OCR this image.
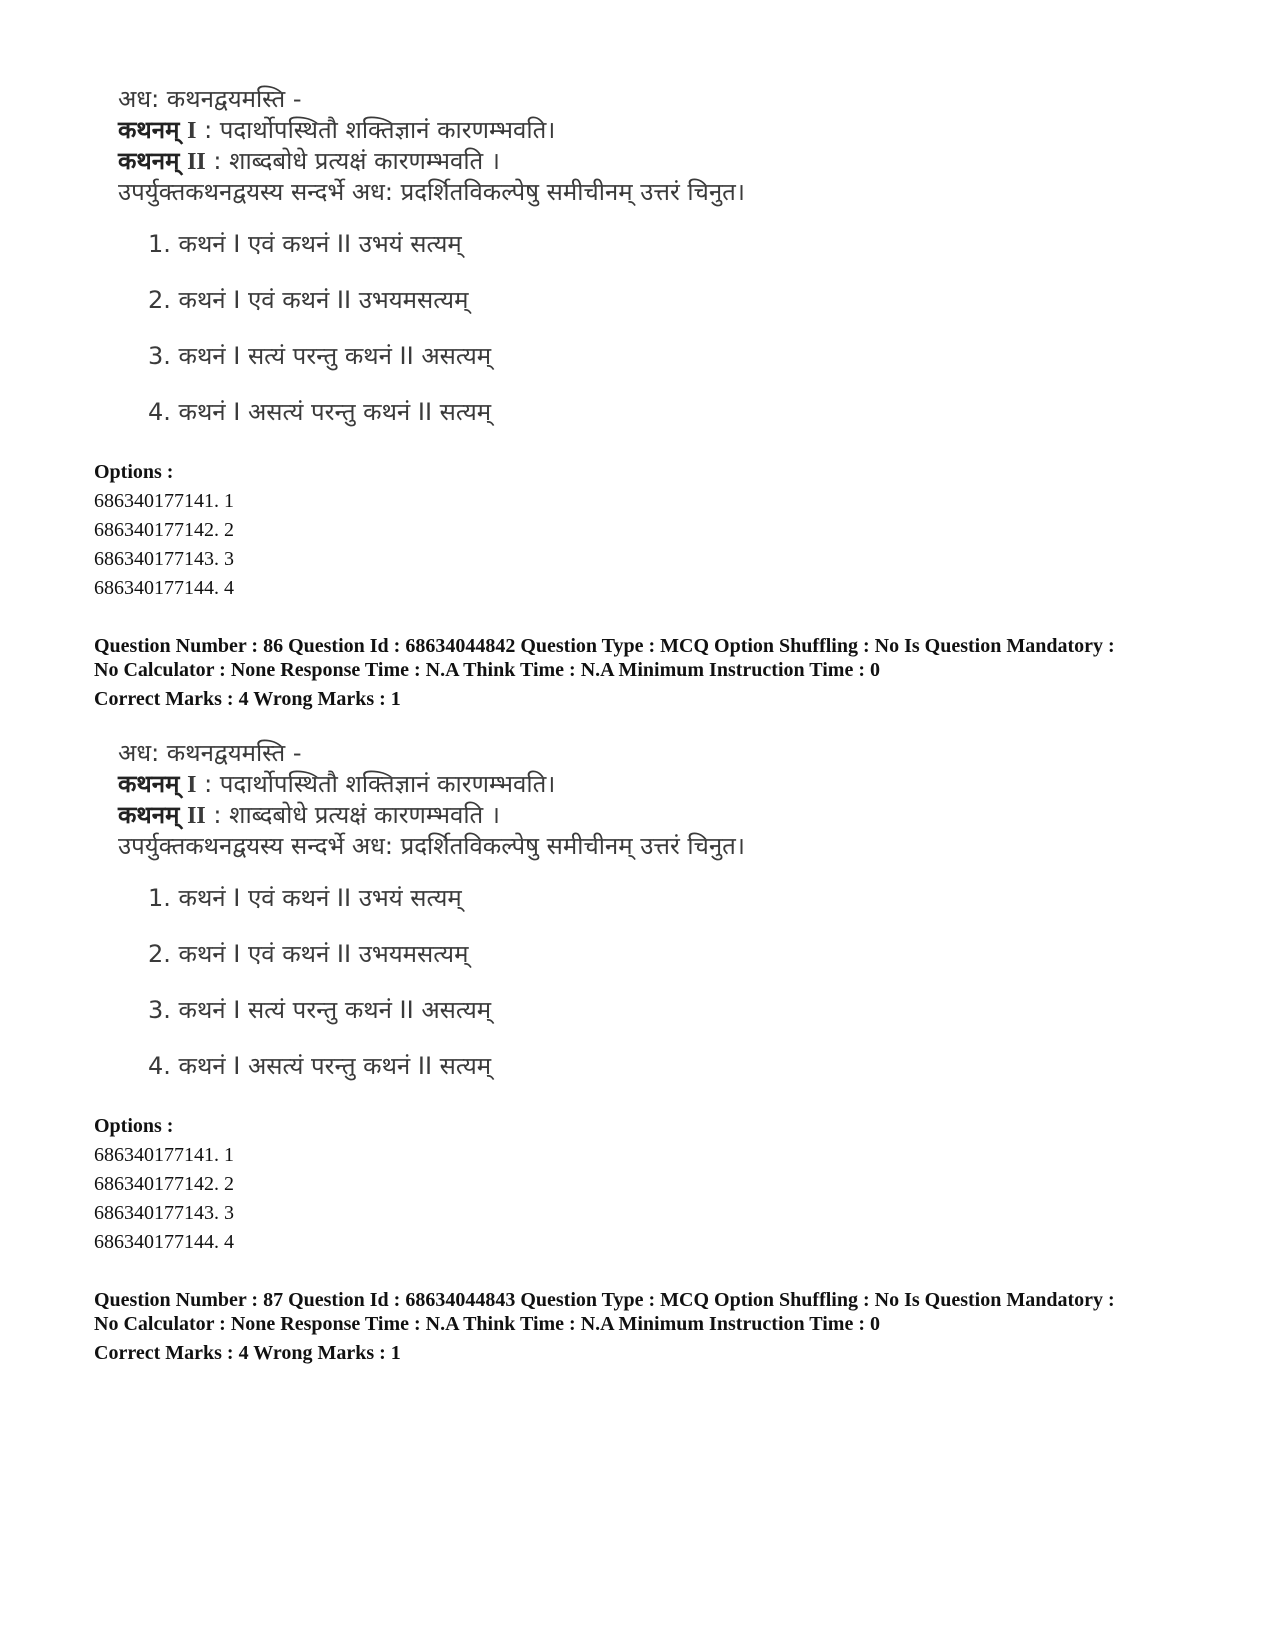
अध: कथनद्वयमस्ति -
कथनम् I : पदार्थोपस्थितौ शक्तिज्ञानं कारणम्भवति।
कथनम् II : शाब्दबोधे प्रत्यक्षं कारणम्भवति ।
उपर्युक्तकथनद्वयस्य सन्दर्भे अध: प्रदर्शितविकल्पेषु समीचीनम् उत्तरं चिनुत।
1. कथनं I एवं कथनं II उभयं सत्यम्
2. कथनं I एवं कथनं II उभयमसत्यम्
3. कथनं I सत्यं परन्तु कथनं II असत्यम्
4. कथनं I असत्यं परन्तु कथनं II सत्यम्
Options :
686340177141. 1
686340177142. 2
686340177143. 3
686340177144. 4
Question Number : 86 Question Id : 68634044842 Question Type : MCQ Option Shuffling : No Is Question Mandatory :
No Calculator : None Response Time : N.A Think Time : N.A Minimum Instruction Time : 0
Correct Marks : 4 Wrong Marks : 1
अध: कथनद्वयमस्ति -
कथनम् I : पदार्थोपस्थितौ शक्तिज्ञानं कारणम्भवति।
कथनम् II : शाब्दबोधे प्रत्यक्षं कारणम्भवति ।
उपर्युक्तकथनद्वयस्य सन्दर्भे अध: प्रदर्शितविकल्पेषु समीचीनम् उत्तरं चिनुत।
1. कथनं I एवं कथनं II उभयं सत्यम्
2. कथनं I एवं कथनं II उभयमसत्यम्
3. कथनं I सत्यं परन्तु कथनं II असत्यम्
4. कथनं I असत्यं परन्तु कथनं II सत्यम्
Options :
686340177141. 1
686340177142. 2
686340177143. 3
686340177144. 4
Question Number : 87 Question Id : 68634044843 Question Type : MCQ Option Shuffling : No Is Question Mandatory :
No Calculator : None Response Time : N.A Think Time : N.A Minimum Instruction Time : 0
Correct Marks : 4 Wrong Marks : 1
